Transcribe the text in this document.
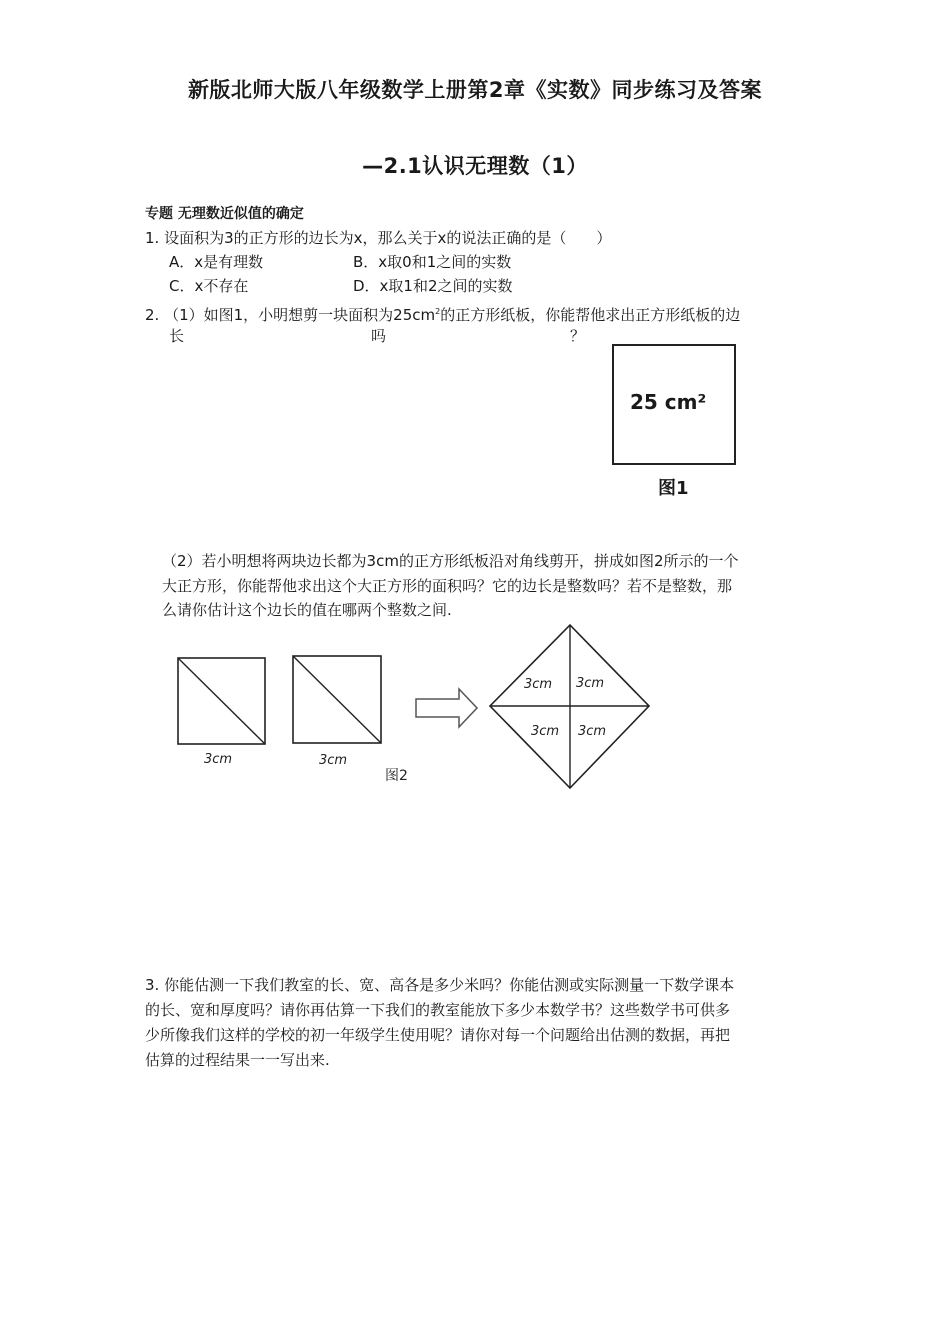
新版北师大版八年级数学上册第2章《实数》同步练习及答案
—2.1认识无理数（1）
专题 无理数近似值的确定
1. 设面积为3的正方形的边长为x，那么关于x的说法正确的是（　　）
A．x是有理数	B．x取0和1之间的实数
C．x不存在	D．x取1和2之间的实数
2. （1）如图1，小明想剪一块面积为$25cm^2$的正方形纸板，你能帮他求出正方形纸板的边
长	吗	？
25 cm²
图1
（2）若小明想将两块边长都为3cm的正方形纸板沿对角线剪开，拼成如图2所示的一个
大正方形，你能帮他求出这个大正方形的面积吗？它的边长是整数吗？若不是整数，那
么请你估计这个边长的值在哪两个整数之间.
3cm	3cm
图2
3cm 3cm
3cm 3cm
3. 你能估测一下我们教室的长、宽、高各是多少米吗？你能估测或实际测量一下数学课本
的长、宽和厚度吗？请你再估算一下我们的教室能放下多少本数学书？这些数学书可供多
少所像我们这样的学校的初一年级学生使用呢？请你对每一个问题给出估测的数据，再把
估算的过程结果一一写出来.
